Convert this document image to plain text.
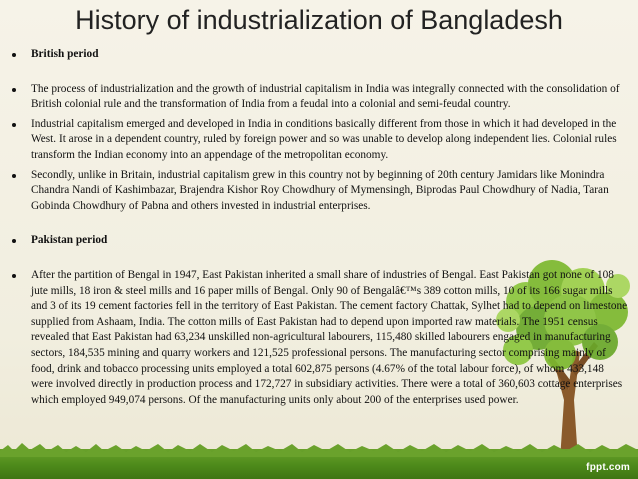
fppt.com
History of industrialization of Bangladesh
British period
The process of industrialization and the growth of industrial capitalism in India was integrally connected with the consolidation of British colonial rule and the transformation of India from a feudal into a colonial and semi-feudal country.
Industrial capitalism emerged and developed in India in conditions basically different from those in which it had developed in the West. It arose in a dependent country, ruled by foreign power and so was unable to develop along independent lies. Colonial rules transform the Indian economy into an appendage of the metropolitan economy.
Secondly, unlike in Britain, industrial capitalism grew in this country not by beginning of 20th century Jamidars like Monindra Chandra Nandi of Kashimbazar, Brajendra Kishor Roy Chowdhury of Mymensingh, Biprodas Paul Chowdhury of Nadia, Taran Gobinda Chowdhury of Pabna and others invested in industrial enterprises.
Pakistan period
After the partition of Bengal in 1947, East Pakistan inherited a small share of industries of Bengal. East Pakistan got none of 108 jute mills, 18 iron & steel mills and 16 paper mills of Bengal. Only 90 of Bengalâ€™s 389 cotton mills, 10 of its 166 sugar mills and 3 of its 19 cement factories fell in the territory of East Pakistan. The cement factory Chattak, Sylhet had to depend on limestone supplied from Ashaam, India. The cotton mills of East Pakistan had to depend upon imported raw materials. The 1951 census revealed that East Pakistan had 63,234 unskilled non-agricultural labourers, 115,480 skilled labourers engaged in manufacturing sectors, 184,535 mining and quarry workers and 121,525 professional persons. The manufacturing sector comprising mainly of food, drink and tobacco processing units employed a total 602,875 persons (4.67% of the total labour force), of whom 433,148 were involved directly in production process and 172,727 in subsidiary activities. There were a total of 360,603 cottage enterprises which employed 949,074 persons. Of the manufacturing units only about 200 of the enterprises used power.
